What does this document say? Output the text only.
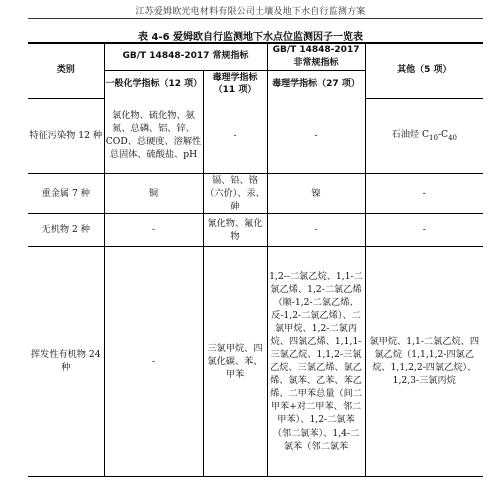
江苏爱姆欧光电材料有限公司土壤及地下水自行监测方案
表 4-6 爱姆欧自行监测地下水点位监测因子一览表
类别	GB/T 14848-2017 常规指标		GB/T 14848-2017 非常规指标	其他（5 项）
	一般化学指标（12 项）	毒理学指标（11 项）	毒理学指标（27 项）	
特征污染物 12 种	氯化物、硫化物、氨氮、总磷、铝、锌、COD、总硬度、溶解性总固体、硫酸盐、pH	-	-	石油烃 $C_{10}-C_{40}$
重金属 7 种	铜	镉、铅、铬（六价）、汞、砷	镍	-
无机物 2 种	-	氰化物、氟化物	-	-
挥发性有机物 24 种	-	三氯甲烷、四氯化碳、苯、甲苯	1,2--二氯乙烷、1,1-二氯乙烯、1,2-二氯乙烯（顺-1,2-二氯乙烯、反-1,2-二氯乙烯）、二氯甲烷、1,2-二氯丙烷、四氯乙烯、1,1,1-三氯乙烷、1,1,2-三氯乙烷、三氯乙烯、氯乙烯、氯苯、乙苯、苯乙烯、二甲苯总量（间二甲苯+对二甲苯、邻二甲苯）、1,2-二氯苯（邻二氯苯）、1,4-二氯苯（邻二氯苯	氯甲烷、1,1-二氯乙烷、四氯乙烷（1,1,1,2-四氯乙烷、1,1,2,2-四氯乙烷）、1,2,3-三氯丙烷
